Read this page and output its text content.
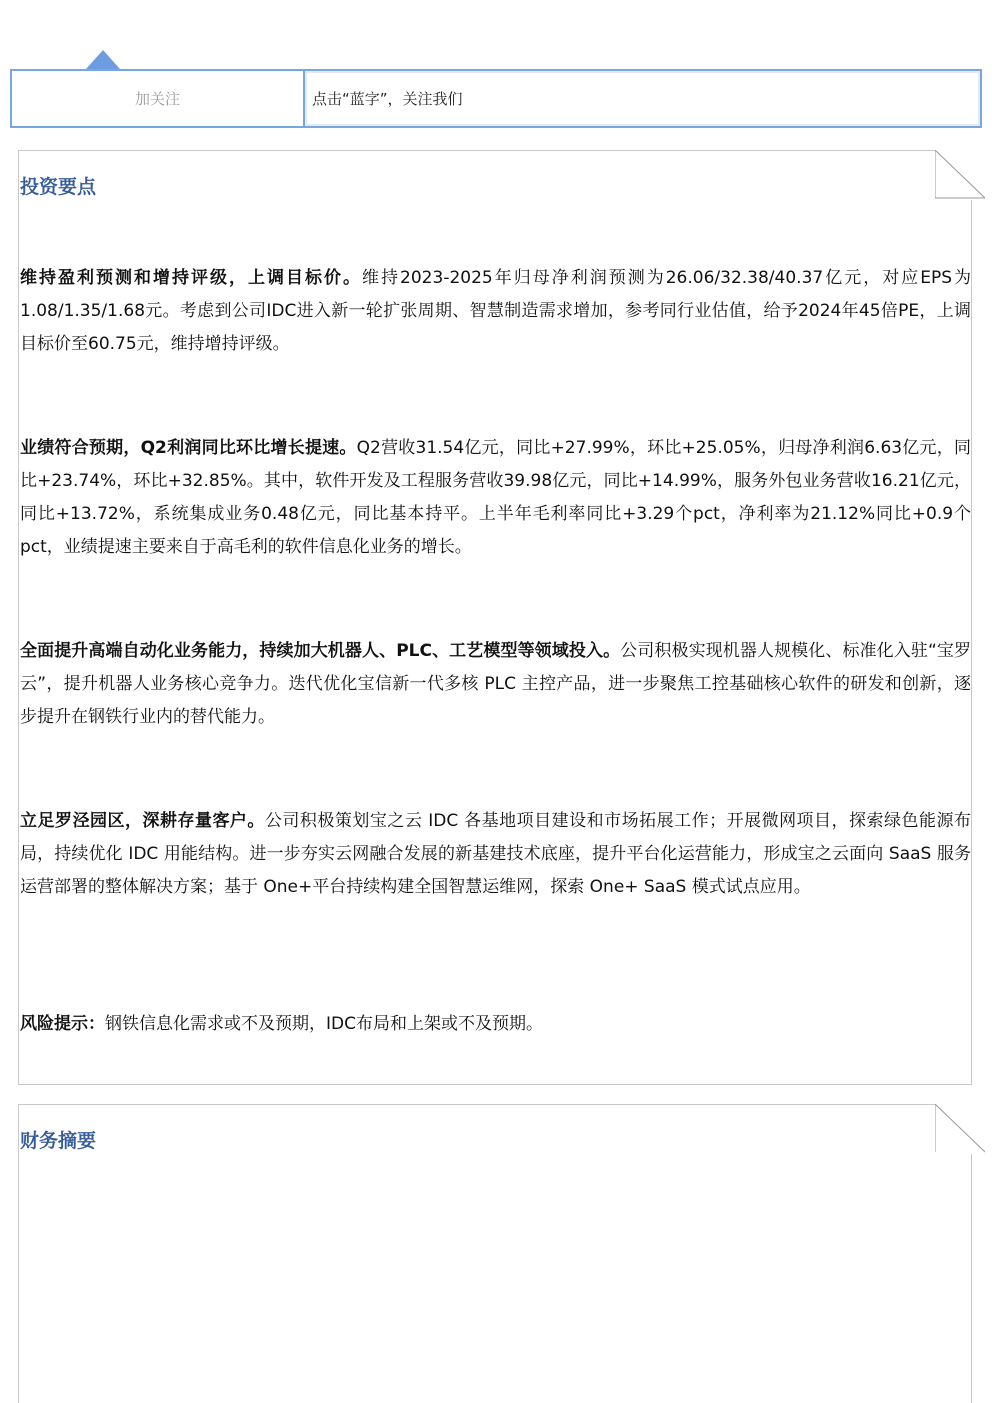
加关注	点击“蓝字”，关注我们
投资要点
维持盈利预测和增持评级，上调目标价。维持2023-2025年归母净利润预测为26.06/32.38/40.37亿元，对应EPS为1.08/1.35/1.68元。考虑到公司IDC进入新一轮扩张周期、智慧制造需求增加，参考同行业估值，给予2024年45倍PE，上调目标价至60.75元，维持增持评级。
业绩符合预期，Q2利润同比环比增长提速。Q2营收31.54亿元，同比+27.99%，环比+25.05%，归母净利润6.63亿元，同比+23.74%，环比+32.85%。其中，软件开发及工程服务营收39.98亿元，同比+14.99%，服务外包业务营收16.21亿元，同比+13.72%，系统集成业务0.48亿元，同比基本持平。上半年毛利率同比+3.29个pct，净利率为21.12%同比+0.9个pct，业绩提速主要来自于高毛利的软件信息化业务的增长。
全面提升高端自动化业务能力，持续加大机器人、PLC、工艺模型等领域投入。公司积极实现机器人规模化、标准化入驻“宝罗云”，提升机器人业务核心竞争力。迭代优化宝信新一代多核 PLC 主控产品，进一步聚焦工控基础核心软件的研发和创新，逐步提升在钢铁行业内的替代能力。
立足罗泾园区，深耕存量客户。公司积极策划宝之云 IDC 各基地项目建设和市场拓展工作；开展微网项目，探索绿色能源布局，持续优化 IDC 用能结构。进一步夯实云网融合发展的新基建技术底座，提升平台化运营能力，形成宝之云面向 SaaS 服务运营部署的整体解决方案；基于 One+平台持续构建全国智慧运维网，探索 One+ SaaS 模式试点应用。
风险提示：钢铁信息化需求或不及预期，IDC布局和上架或不及预期。
财务摘要
